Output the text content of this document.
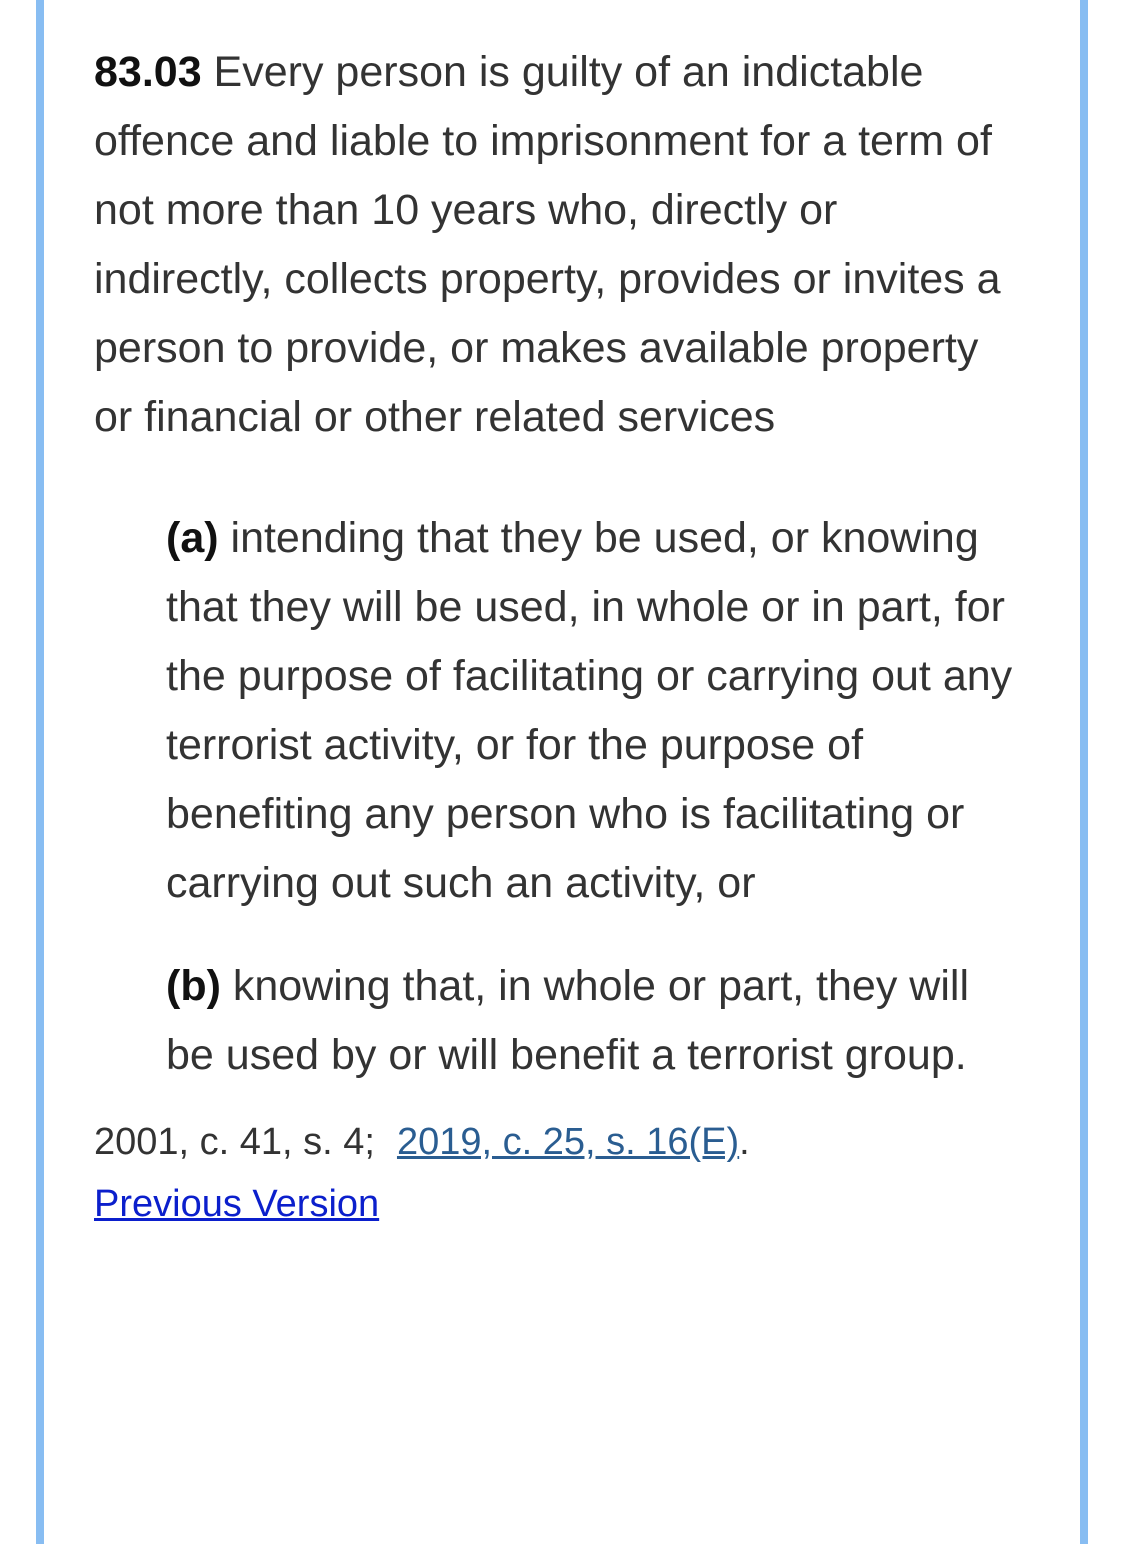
83.03 Every person is guilty of an indictable offence and liable to imprisonment for a term of not more than 10 years who, directly or indirectly, collects property, provides or invites a person to provide, or makes available property or financial or other related services

(a) intending that they be used, or knowing that they will be used, in whole or in part, for the purpose of facilitating or carrying out any terrorist activity, or for the purpose of benefiting any person who is facilitating or carrying out such an activity, or

(b) knowing that, in whole or part, they will be used by or will benefit a terrorist group.

2001, c. 41, s. 4; 2019, c. 25, s. 16(E).
Previous Version
